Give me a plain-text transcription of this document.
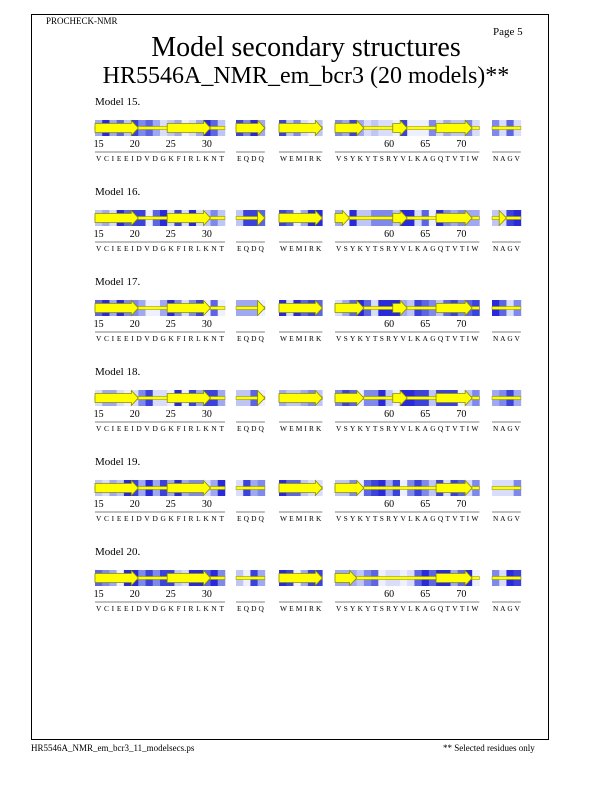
PROCHECK-NMR
Page 5
Model secondary structures
HR5546A_NMR_em_bcr3 (20 models)**
Model 15.
15	20	25	30	60	65	70
VCIEEIDVDGKFIRLKNT EQDQ WEMIRK VSYKYTSRYVLKAGQTVTIW NAGV
Model 16.
15	20	25	30	60	65	70
VCIEEIDVDGKFIRLKNT EQDQ WEMIRK VSYKYTSRYVLKAGQTVTIW NAGV
Model 17.
15	20	25	30	60	65	70
VCIEEIDVDGKFIRLKNT EQDQ WEMIRK VSYKYTSRYVLKAGQTVTIW NAGV
Model 18.
15	20	25	30	60	65	70
VCIEEIDVDGKFIRLKNT EQDQ WEMIRK VSYKYTSRYVLKAGQTVTIW NAGV
Model 19.
15	20	25	30	60	65	70
VCIEEIDVDGKFIRLKNT EQDQ WEMIRK VSYKYTSRYVLKAGQTVTIW NAGV
Model 20.
15	20	25	30	60	65	70
VCIEEIDVDGKFIRLKNT EQDQ WEMIRK VSYKYTSRYVLKAGQTVTIW NAGV
HR5546A_NMR_em_bcr3_11_modelsecs.ps	** Selected residues only
